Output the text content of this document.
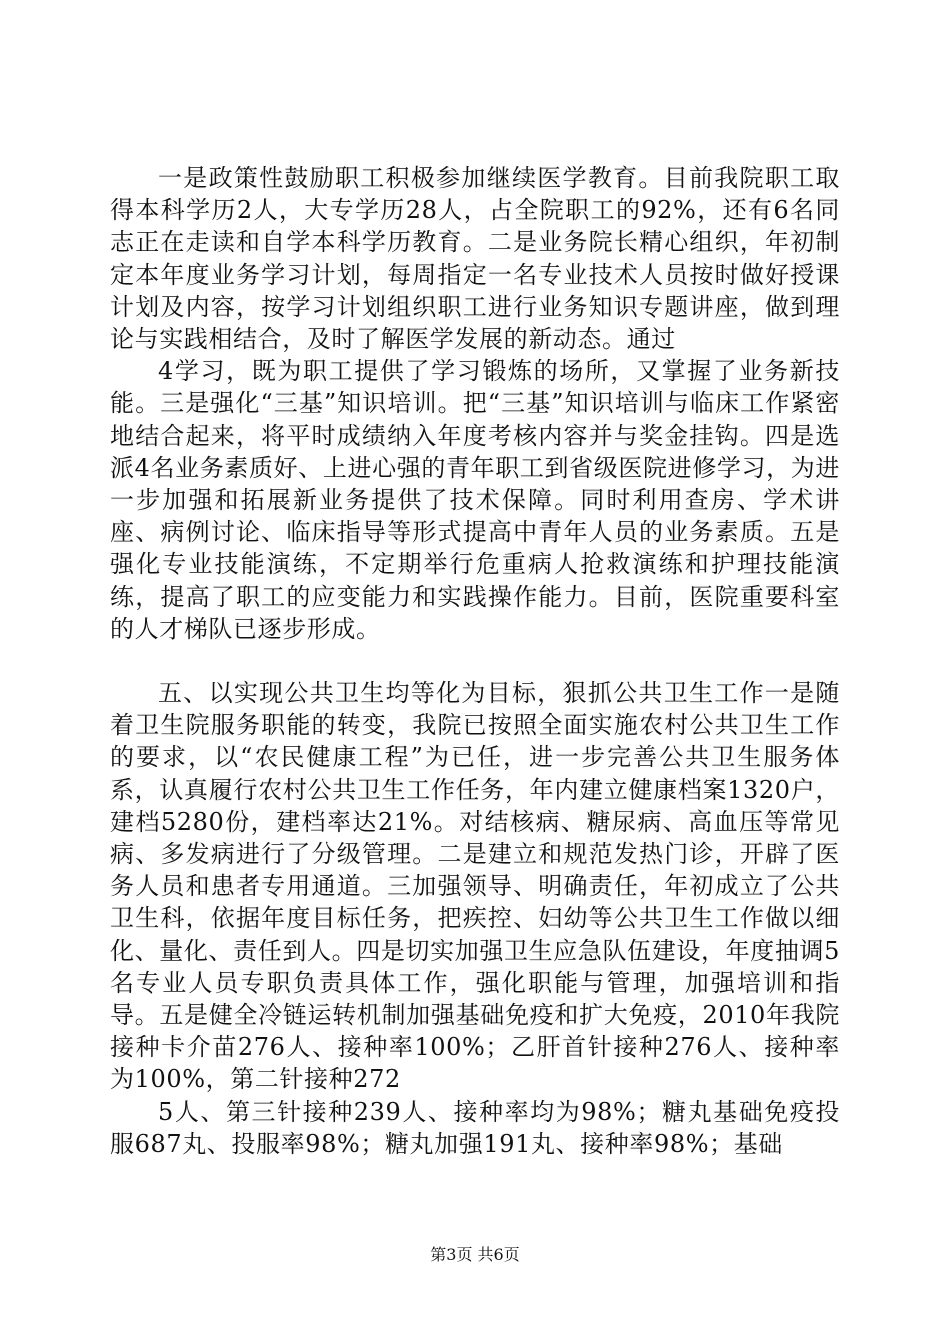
一是政策性鼓励职工积极参加继续医学教育。目前我院职工取得本科学历2人，大专学历28人，占全院职工的92%，还有6名同志正在走读和自学本科学历教育。二是业务院长精心组织，年初制定本年度业务学习计划，每周指定一名专业技术人员按时做好授课计划及内容，按学习计划组织职工进行业务知识专题讲座，做到理论与实践相结合，及时了解医学发展的新动态。通过

4学习，既为职工提供了学习锻炼的场所，又掌握了业务新技能。三是强化“三基”知识培训。把“三基”知识培训与临床工作紧密地结合起来，将平时成绩纳入年度考核内容并与奖金挂钩。四是选派4名业务素质好、上进心强的青年职工到省级医院进修学习，为进一步加强和拓展新业务提供了技术保障。同时利用查房、学术讲座、病例讨论、临床指导等形式提高中青年人员的业务素质。五是强化专业技能演练，不定期举行危重病人抢救演练和护理技能演练，提高了职工的应变能力和实践操作能力。目前，医院重要科室的人才梯队已逐步形成。

五、以实现公共卫生均等化为目标，狠抓公共卫生工作一是随着卫生院服务职能的转变，我院已按照全面实施农村公共卫生工作的要求，以“农民健康工程”为已任，进一步完善公共卫生服务体系，认真履行农村公共卫生工作任务，年内建立健康档案1320户，建档5280份，建档率达21%。对结核病、糖尿病、高血压等常见病、多发病进行了分级管理。二是建立和规范发热门诊，开辟了医务人员和患者专用通道。三加强领导、明确责任，年初成立了公共卫生科，依据年度目标任务，把疾控、妇幼等公共卫生工作做以细化、量化、责任到人。四是切实加强卫生应急队伍建设，年度抽调5名专业人员专职负责具体工作，强化职能与管理，加强培训和指导。五是健全冷链运转机制加强基础免疫和扩大免疫，2010年我院接种卡介苗276人、接种率100%；乙肝首针接种276人、接种率为100%，第二针接种272

5人、第三针接种239人、接种率均为98%；糖丸基础免疫投服687丸、投服率98%；糖丸加强191丸、接种率98%；基础

第3页 共6页
